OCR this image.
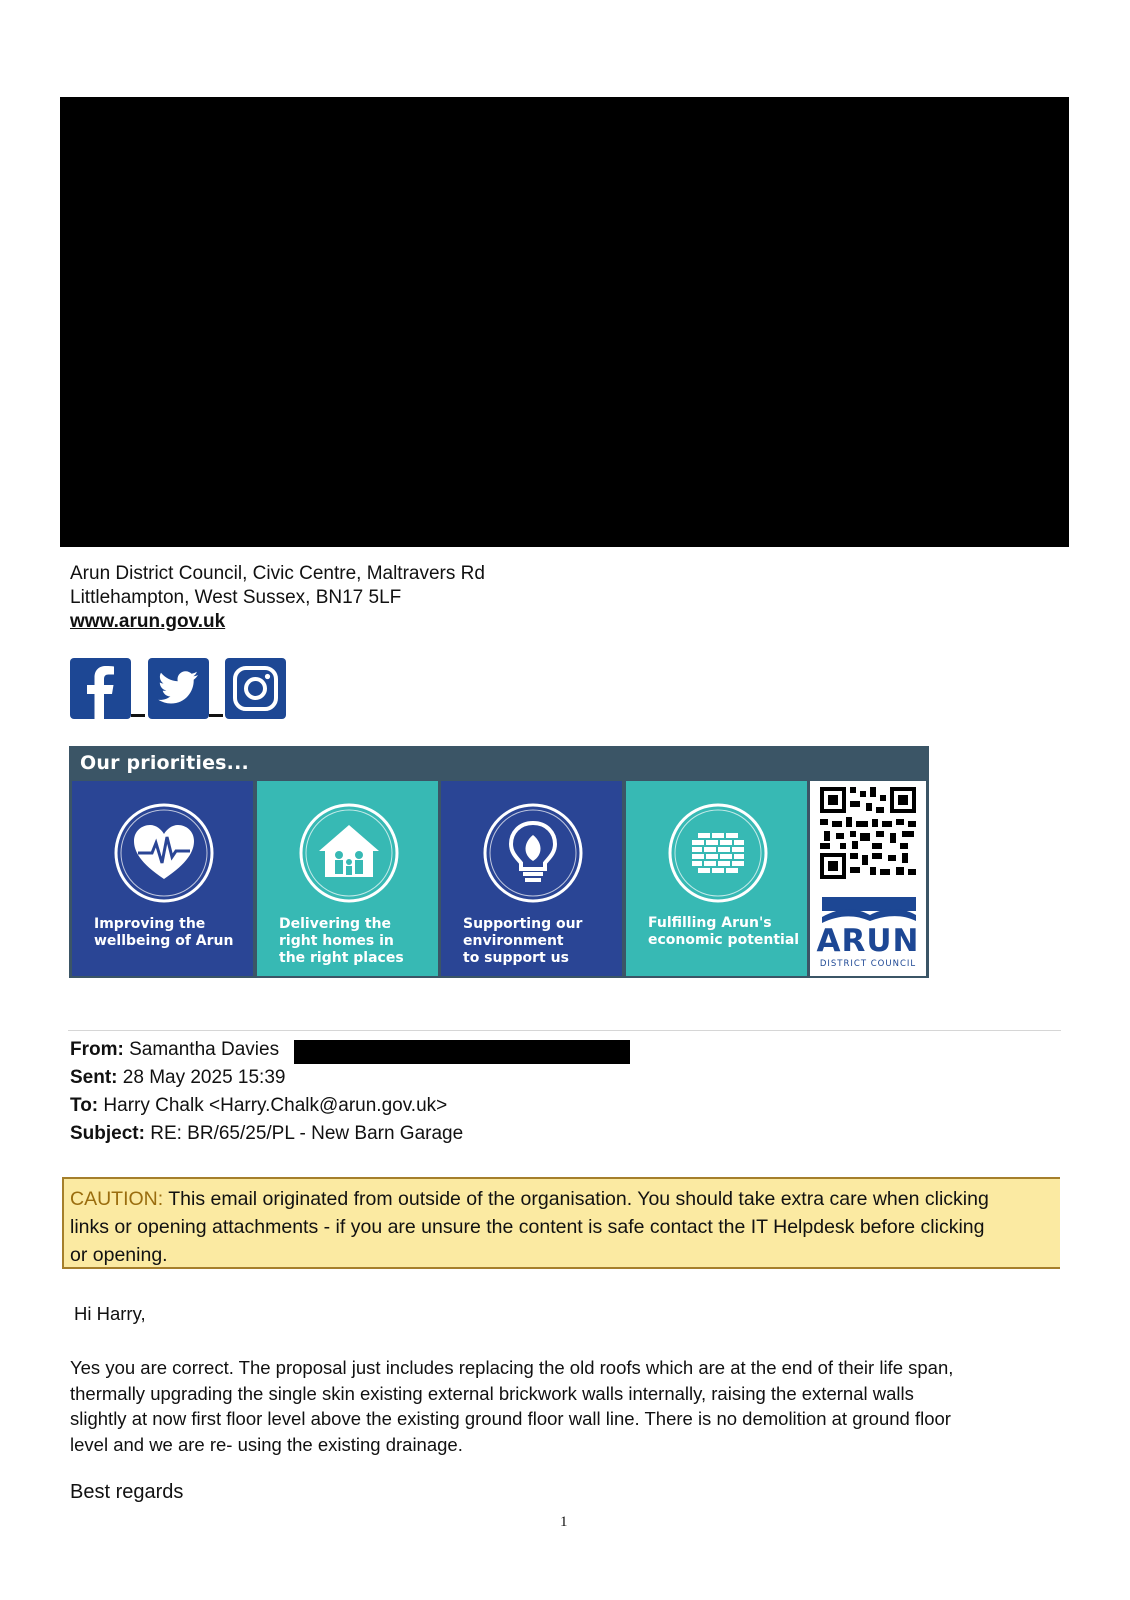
Arun District Council, Civic Centre, Maltravers Rd
Littlehampton, West Sussex, BN17 5LF
www.arun.gov.uk
Our priorities...
Improving the
wellbeing of Arun
Delivering the
right homes in
the right places
Supporting our
environment
to support us
Fulfilling Arun's
economic potential ARUN
DISTRICT COUNCIL
From: Samantha Davies
Sent: 28 May 2025 15:39
To: Harry Chalk <Harry.Chalk@arun.gov.uk>
Subject: RE: BR/65/25/PL - New Barn Garage
CAUTION: This email originated from outside of the organisation. You should take extra care when clicking
links or opening attachments - if you are unsure the content is safe contact the IT Helpdesk before clicking
or opening.
Hi Harry,
Yes you are correct. The proposal just includes replacing the old roofs which are at the end of their life span,
thermally upgrading the single skin existing external brickwork walls internally, raising the external walls
slightly at now first floor level above the existing ground floor wall line. There is no demolition at ground floor
level and we are re- using the existing drainage.
Best regards
1
